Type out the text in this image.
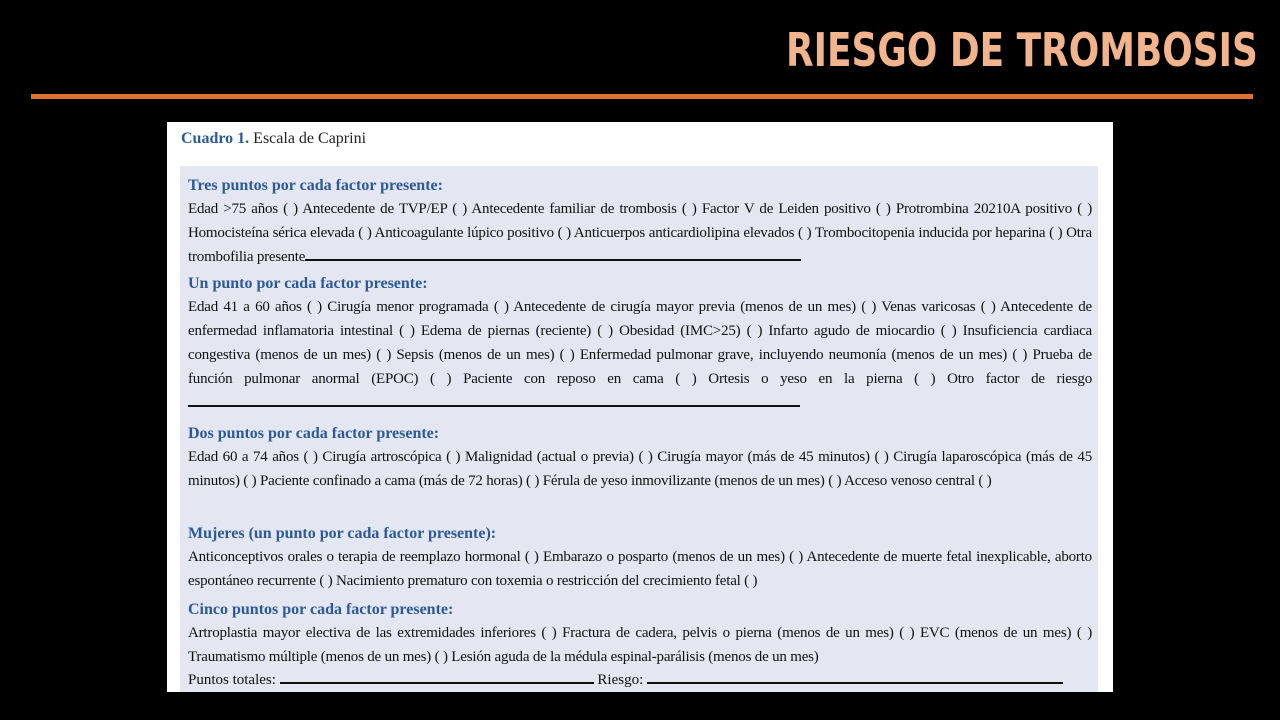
RIESGO DE TROMBOSIS
Cuadro 1. Escala de Caprini
Tres puntos por cada factor presente:

Edad >75 años ( ) Antecedente de TVP/EP ( ) Antecedente familiar de trombosis ( ) Factor V de Leiden positivo ( ) Protrombina 20210A positivo ( ) Homocisteína sérica elevada ( ) Anticoagulante lúpico positivo ( ) Anticuerpos anticardiolipina elevados ( ) Trombocitopenia inducida por heparina ( ) Otra trombofilia presente

Un punto por cada factor presente:

Edad 41 a 60 años ( ) Cirugía menor programada ( ) Antecedente de cirugía mayor previa (menos de un mes) ( ) Venas varicosas ( ) Antecedente de enfermedad inflamatoria intestinal ( ) Edema de piernas (reciente) ( ) Obesidad (IMC>25) ( ) Infarto agudo de miocardio ( ) Insuficiencia cardiaca congestiva (menos de un mes) ( ) Sepsis (menos de un mes) ( ) Enfermedad pulmonar grave, incluyendo neumonía (menos de un mes) ( ) Prueba de función pulmonar anormal (EPOC) ( ) Paciente con reposo en cama ( ) Ortesis o yeso en la pierna ( ) Otro factor de riesgo

Dos puntos por cada factor presente:

Edad 60 a 74 años ( ) Cirugía artroscópica ( ) Malignidad (actual o previa) ( ) Cirugía mayor (más de 45 minutos) ( ) Cirugía laparoscópica (más de 45 minutos) ( ) Paciente confinado a cama (más de 72 horas) ( ) Férula de yeso inmovilizante (menos de un mes) ( ) Acceso venoso central ( )

Mujeres (un punto por cada factor presente):

Anticonceptivos orales o terapia de reemplazo hormonal ( ) Embarazo o posparto (menos de un mes) ( ) Antecedente de muerte fetal inexplicable, aborto espontáneo recurrente ( ) Nacimiento prematuro con toxemia o restricción del crecimiento fetal ( )

Cinco puntos por cada factor presente:

Artroplastia mayor electiva de las extremidades inferiores ( ) Fractura de cadera, pelvis o pierna (menos de un mes) ( ) EVC (menos de un mes) ( ) Traumatismo múltiple (menos de un mes) ( ) Lesión aguda de la médula espinal-parálisis (menos de un mes)

Puntos totales:	Riesgo:
